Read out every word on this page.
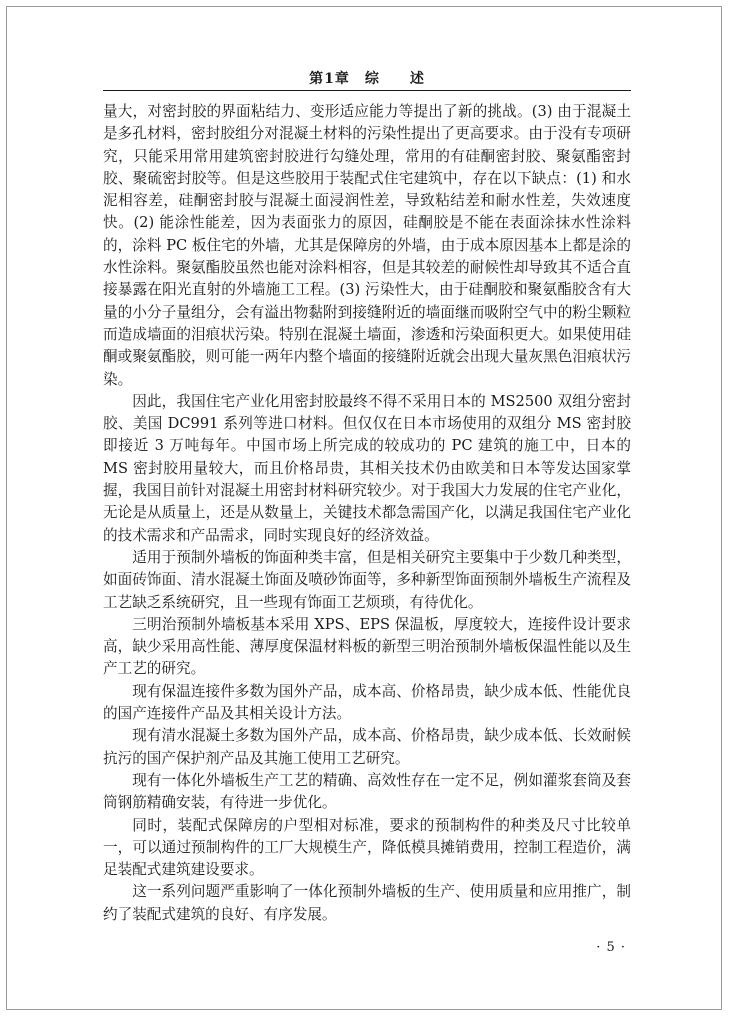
第1章　综　　述

量大，对密封胶的界面粘结力、变形适应能力等提出了新的挑战。(3) 由于混凝土是多孔材料，密封胶组分对混凝土材料的污染性提出了更高要求。由于没有专项研究，只能采用常用建筑密封胶进行勾缝处理，常用的有硅酮密封胶、聚氨酯密封胶、聚硫密封胶等。但是这些胶用于装配式住宅建筑中，存在以下缺点：(1) 和水泥相容差，硅酮密封胶与混凝土面浸润性差，导致粘结差和耐水性差，失效速度快。(2) 能涂性能差，因为表面张力的原因，硅酮胶是不能在表面涂抹水性涂料的，涂料 PC 板住宅的外墙，尤其是保障房的外墙，由于成本原因基本上都是涂的水性涂料。聚氨酯胶虽然也能对涂料相容，但是其较差的耐候性却导致其不适合直接暴露在阳光直射的外墙施工工程。(3) 污染性大，由于硅酮胶和聚氨酯胶含有大量的小分子量组分，会有溢出物黏附到接缝附近的墙面继而吸附空气中的粉尘颗粒而造成墙面的泪痕状污染。特别在混凝土墙面，渗透和污染面积更大。如果使用硅酮或聚氨酯胶，则可能一两年内整个墙面的接缝附近就会出现大量灰黑色泪痕状污染。

因此，我国住宅产业化用密封胶最终不得不采用日本的 MS2500 双组分密封胶、美国 DC991 系列等进口材料。但仅仅在日本市场使用的双组分 MS 密封胶即接近 3 万吨每年。中国市场上所完成的较成功的 PC 建筑的施工中，日本的 MS 密封胶用量较大，而且价格昂贵，其相关技术仍由欧美和日本等发达国家掌握，我国目前针对混凝土用密封材料研究较少。对于我国大力发展的住宅产业化，无论是从质量上，还是从数量上，关键技术都急需国产化，以满足我国住宅产业化的技术需求和产品需求，同时实现良好的经济效益。

适用于预制外墙板的饰面种类丰富，但是相关研究主要集中于少数几种类型，如面砖饰面、清水混凝土饰面及喷砂饰面等，多种新型饰面预制外墙板生产流程及工艺缺乏系统研究，且一些现有饰面工艺烦琐，有待优化。

三明治预制外墙板基本采用 XPS、EPS 保温板，厚度较大，连接件设计要求高，缺少采用高性能、薄厚度保温材料板的新型三明治预制外墙板保温性能以及生产工艺的研究。

现有保温连接件多数为国外产品，成本高、价格昂贵，缺少成本低、性能优良的国产连接件产品及其相关设计方法。

现有清水混凝土多数为国外产品，成本高、价格昂贵，缺少成本低、长效耐候抗污的国产保护剂产品及其施工使用工艺研究。

现有一体化外墙板生产工艺的精确、高效性存在一定不足，例如灌浆套筒及套筒钢筋精确安装，有待进一步优化。

同时，装配式保障房的户型相对标准，要求的预制构件的种类及尺寸比较单一，可以通过预制构件的工厂大规模生产，降低模具摊销费用，控制工程造价，满足装配式建筑建设要求。

这一系列问题严重影响了一体化预制外墙板的生产、使用质量和应用推广，制约了装配式建筑的良好、有序发展。

· 5 ·
